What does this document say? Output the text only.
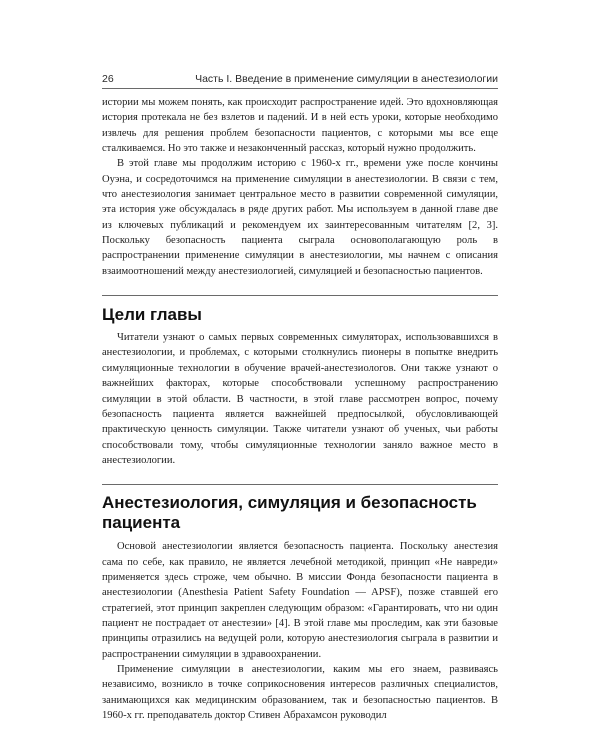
26	Часть I. Введение в применение симуляции в анестезиологии

истории мы можем понять, как происходит распространение идей. Это вдохновляющая история протекала не без взлетов и падений. И в ней есть уроки, которые необходимо извлечь для решения проблем безопасности пациентов, с которыми мы все еще сталкиваемся. Но это также и незаконченный рассказ, который нужно продолжить.

В этой главе мы продолжим историю с 1960-х гг., времени уже после кончины Оуэна, и сосредоточимся на применение симуляции в анестезиологии. В связи с тем, что анестезиология занимает центральное место в развитии современной симуляции, эта история уже обсуждалась в ряде других работ. Мы используем в данной главе две из ключевых публикаций и рекомендуем их заинтересованным читателям [2, 3]. Поскольку безопасность пациента сыграла основополагающую роль в распространении применение симуляции в анестезиологии, мы начнем с описания взаимоотношений между анестезиологией, симуляцией и безопасностью пациентов.

Цели главы

Читатели узнают о самых первых современных симуляторах, использовавшихся в анестезиологии, и проблемах, с которыми столкнулись пионеры в попытке внедрить симуляционные технологии в обучение врачей-анестезиологов. Они также узнают о важнейших факторах, которые способствовали успешному распространению симуляции в этой области. В частности, в этой главе рассмотрен вопрос, почему безопасность пациента является важнейшей предпосылкой, обусловливающей практическую ценность симуляции. Также читатели узнают об ученых, чьи работы способствовали тому, чтобы симуляционные технологии заняло важное место в анестезиологии.

Анестезиология, симуляция и безопасность пациента

Основой анестезиологии является безопасность пациента. Поскольку анестезия сама по себе, как правило, не является лечебной методикой, принцип «Не навреди» применяется здесь строже, чем обычно. В миссии Фонда безопасности пациента в анестезиологии (Anesthesia Patient Safety Foundation — APSF), позже ставшей его стратегией, этот принцип закреплен следующим образом: «Гарантировать, что ни один пациент не пострадает от анестезии» [4]. В этой главе мы проследим, как эти базовые принципы отразились на ведущей роли, которую анестезиология сыграла в развитии и распространении симуляции в здравоохранении.

Применение симуляции в анестезиологии, каким мы его знаем, развиваясь независимо, возникло в точке соприкосновения интересов различных специалистов, занимающихся как медицинским образованием, так и безопасностью пациентов. В 1960-х гг. преподаватель доктор Стивен Абрахамсон руководил
